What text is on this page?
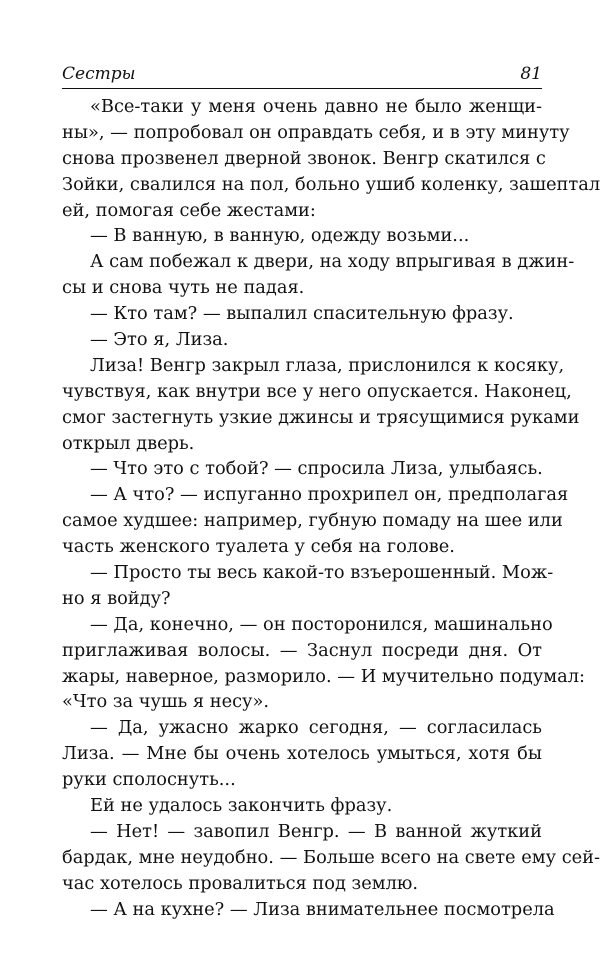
Сестры	81
«Все-таки у меня очень давно не было женщи-
ны», — попробовал он оправдать себя, и в эту минуту
снова прозвенел дверной звонок. Венгр скатился с
Зойки, свалился на пол, больно ушиб коленку, зашептал
ей, помогая себе жестами:
— В ванную, в ванную, одежду возьми...
А сам побежал к двери, на ходу впрыгивая в джин-
сы и снова чуть не падая.
— Кто там? — выпалил спасительную фразу.
— Это я, Лиза.
Лиза! Венгр закрыл глаза, прислонился к косяку,
чувствуя, как внутри все у него опускается. Наконец,
смог застегнуть узкие джинсы и трясущимися руками
открыл дверь.
— Что это с тобой? — спросила Лиза, улыбаясь.
— А что? — испуганно прохрипел он, предполагая
самое худшее: например, губную помаду на шее или
часть женского туалета у себя на голове.
— Просто ты весь какой-то взъерошенный. Мож-
но я войду?
— Да, конечно, — он посторонился, машинально
приглаживая волосы. — Заснул посреди дня. От
жары, наверное, разморило. — И мучительно подумал:
«Что за чушь я несу».
— Да, ужасно жарко сегодня, — согласилась
Лиза. — Мне бы очень хотелось умыться, хотя бы
руки сполоснуть...
Ей не удалось закончить фразу.
— Нет! — завопил Венгр. — В ванной жуткий
бардак, мне неудобно. — Больше всего на свете ему сей-
час хотелось провалиться под землю.
— А на кухне? — Лиза внимательнее посмотрела
